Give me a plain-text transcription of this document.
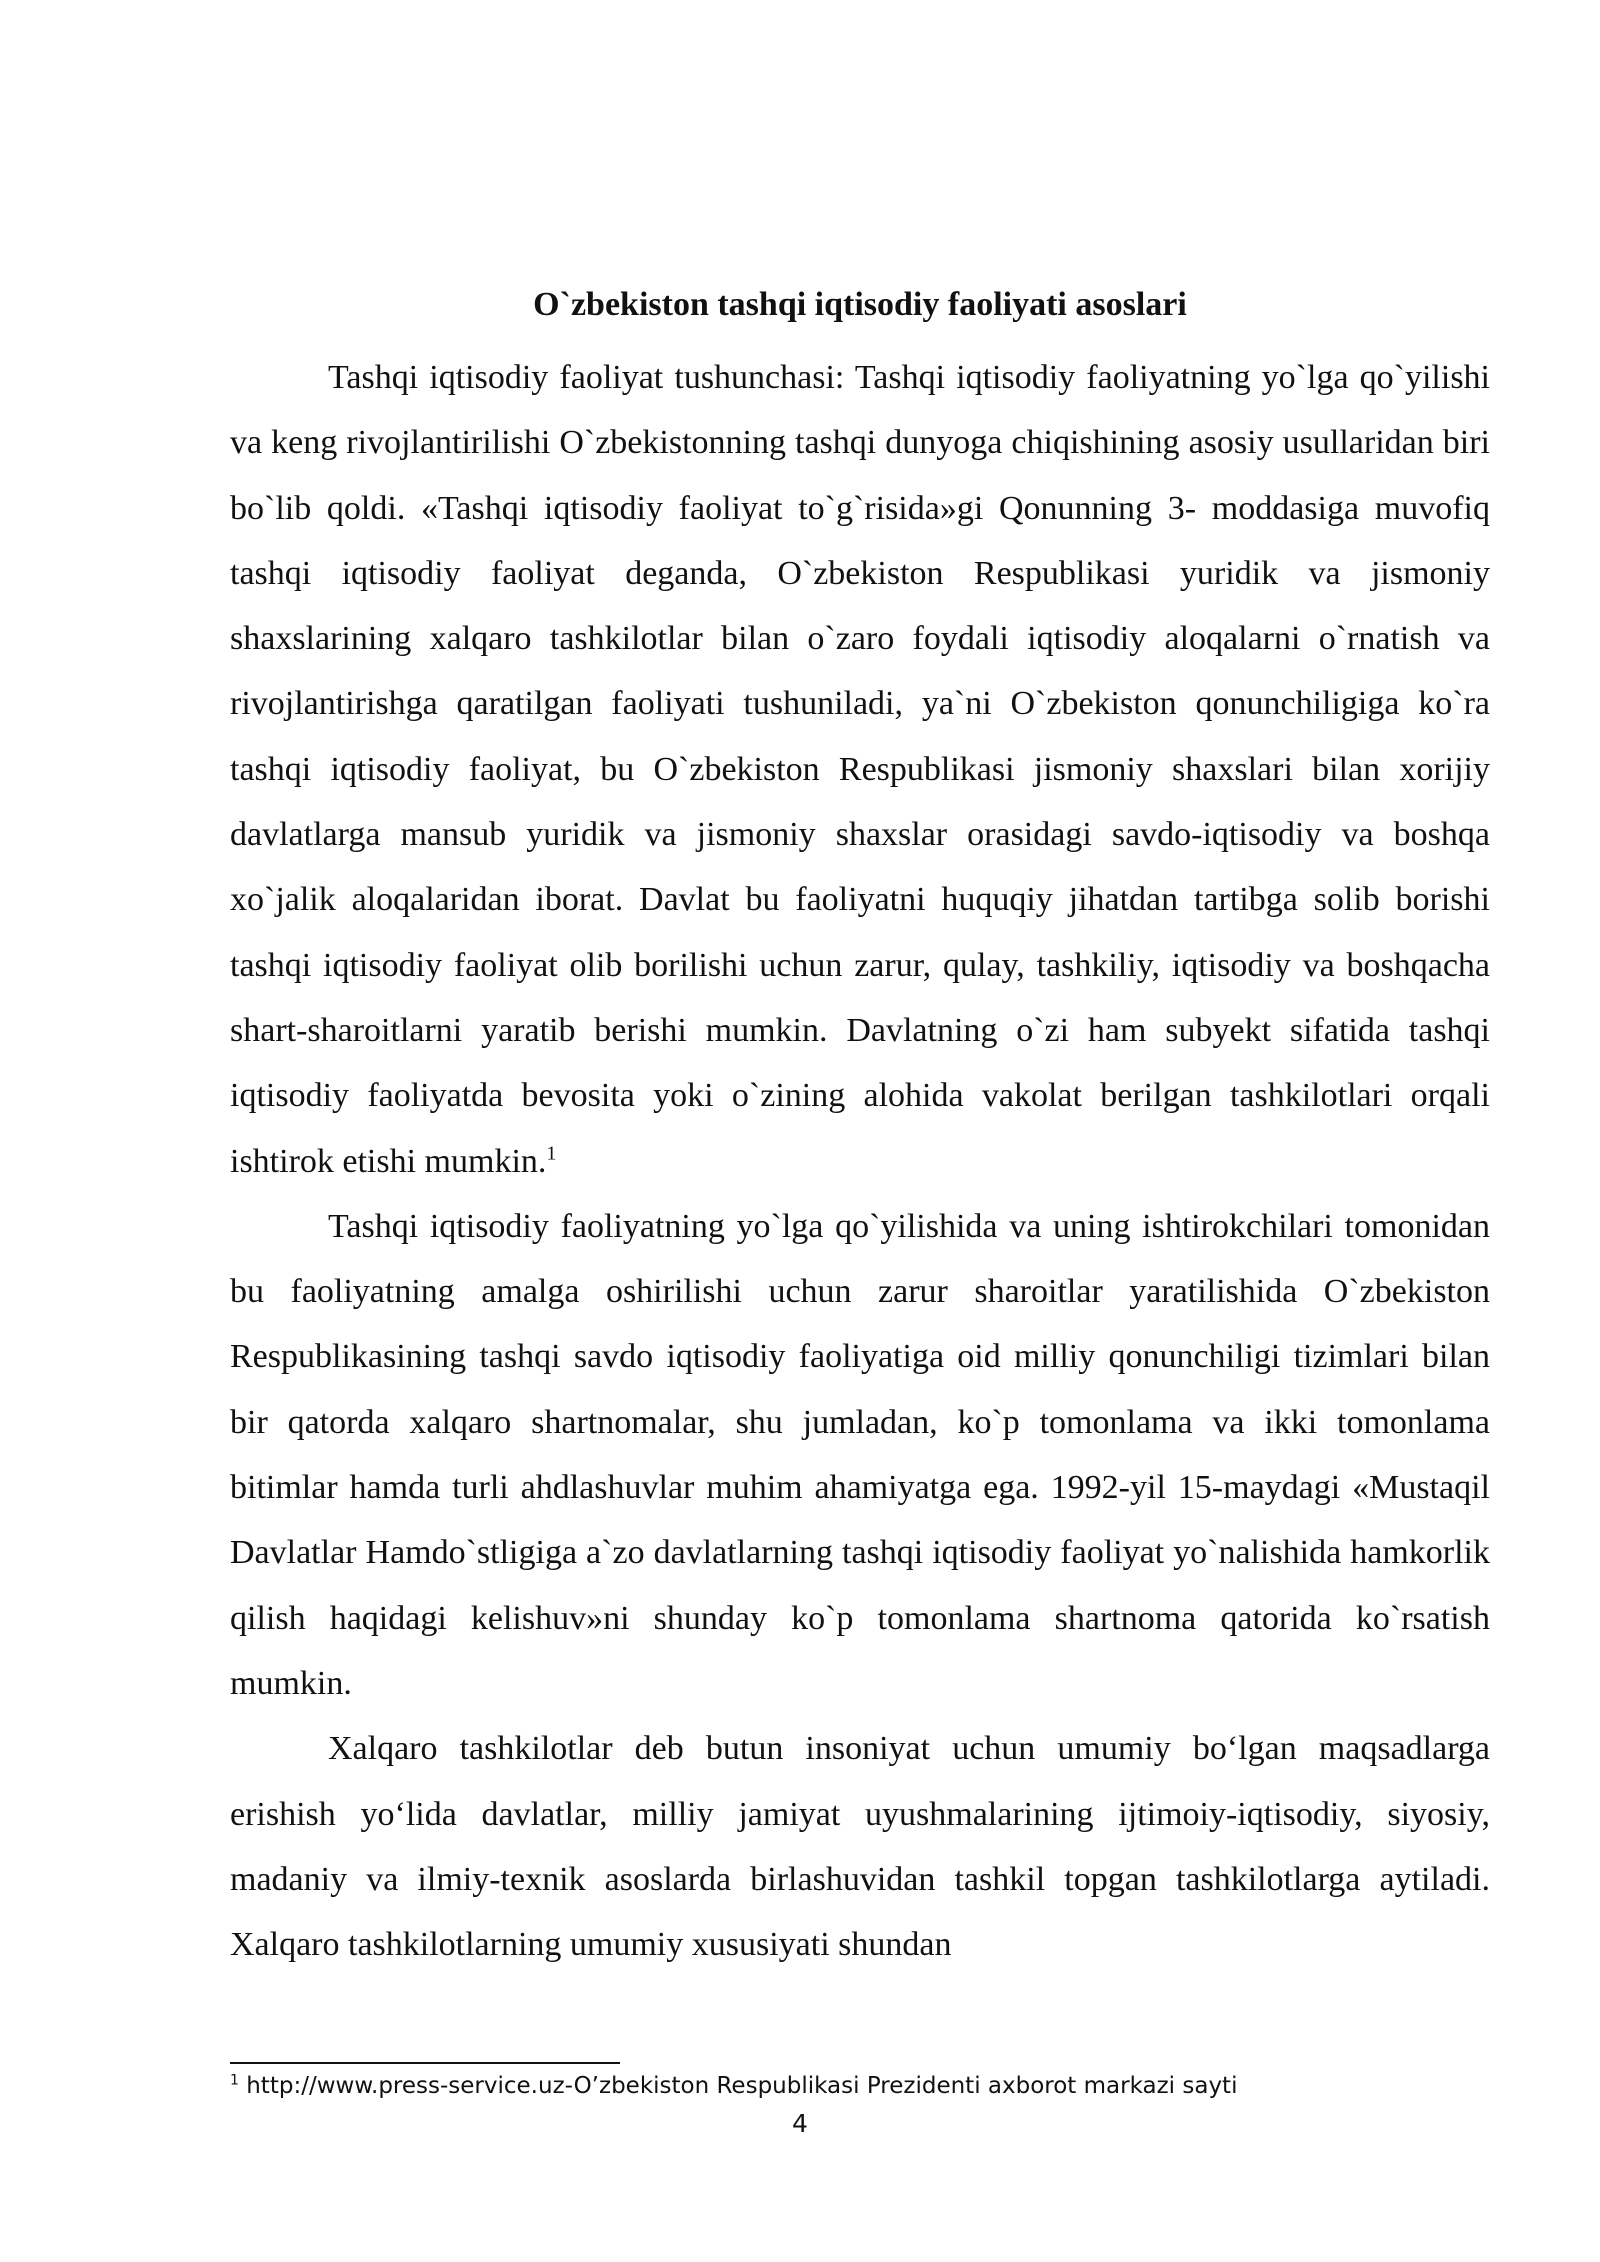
O`zbekiston tashqi iqtisodiy faoliyati asoslari

Tashqi iqtisodiy faoliyat tushunchasi: Tashqi iqtisodiy faoliyatning yo`lga qo`yilishi va keng rivojlantirilishi O`zbekistonning tashqi dunyoga chiqishining asosiy usullaridan biri bo`lib qoldi. «Tashqi iqtisodiy faoliyat to`g`risida»gi Qonunning 3- moddasiga muvofiq tashqi iqtisodiy faoliyat deganda, O`zbekiston Respublikasi yuridik va jismoniy shaxslarining xalqaro tashkilotlar bilan o`zaro foydali iqtisodiy aloqalarni o`rnatish va rivojlantirishga qaratilgan faoliyati tushuniladi, ya`ni O`zbekiston qonunchiligiga ko`ra tashqi iqtisodiy faoliyat, bu O`zbekiston Respublikasi jismoniy shaxslari bilan xorijiy davlatlarga mansub yuridik va jismoniy shaxslar orasidagi savdo-iqtisodiy va boshqa xo`jalik aloqalaridan iborat. Davlat bu faoliyatni huquqiy jihatdan tartibga solib borishi tashqi iqtisodiy faoliyat olib borilishi uchun zarur, qulay, tashkiliy, iqtisodiy va boshqacha shart-sharoitlarni yaratib berishi mumkin. Davlatning o`zi ham subyekt sifatida tashqi iqtisodiy faoliyatda bevosita yoki o`zining alohida vakolat berilgan tashkilotlari orqali ishtirok etishi mumkin.$^1$

Tashqi iqtisodiy faoliyatning yo`lga qo`yilishida va uning ishtirokchilari tomonidan bu faoliyatning amalga oshirilishi uchun zarur sharoitlar yaratilishida O`zbekiston Respublikasining tashqi savdo iqtisodiy faoliyatiga oid milliy qonunchiligi tizimlari bilan bir qatorda xalqaro shartnomalar, shu jumladan, ko`p tomonlama va ikki tomonlama bitimlar hamda turli ahdlashuvlar muhim ahamiyatga ega. 1992-yil 15-maydagi «Mustaqil Davlatlar Hamdo`stligiga a`zo davlatlarning tashqi iqtisodiy faoliyat yo`nalishida hamkorlik qilish haqidagi kelishuv»ni shunday ko`p tomonlama shartnoma qatorida ko`rsatish mumkin.

Xalqaro tashkilotlar deb butun insoniyat uchun umumiy bo‘lgan maqsadlarga erishish yo‘lida davlatlar, milliy jamiyat uyushmalarining ijtimoiy-iqtisodiy, siyosiy, madaniy va ilmiy-texnik asoslarda birlashuvidan tashkil topgan tashkilotlarga aytiladi. Xalqaro tashkilotlarning umumiy xususiyati shundan

$^1$ http://www.press-service.uz-O’zbekiston Respublikasi Prezidenti axborot markazi sayti
4
